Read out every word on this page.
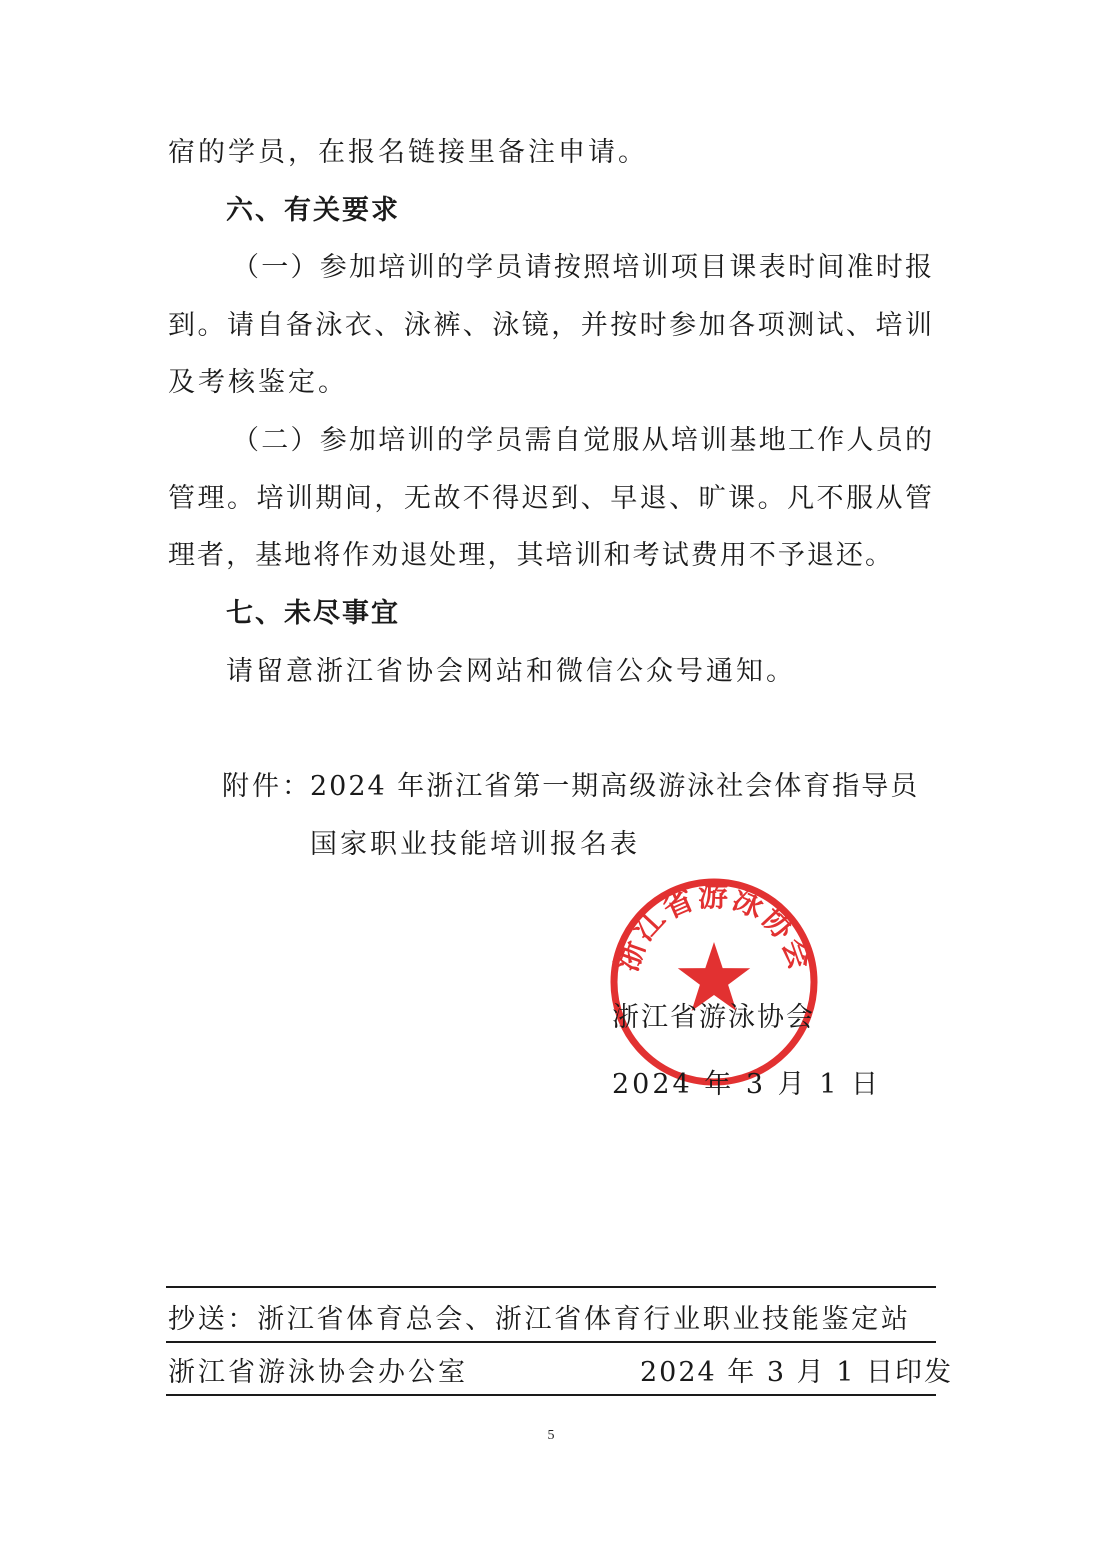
宿的学员，在报名链接里备注申请。
六、有关要求
（一）参加培训的学员请按照培训项目课表时间准时报
到。请自备泳衣、泳裤、泳镜，并按时参加各项测试、培训
及考核鉴定。
（二）参加培训的学员需自觉服从培训基地工作人员的
管理。培训期间，无故不得迟到、早退、旷课。凡不服从管
理者，基地将作劝退处理，其培训和考试费用不予退还。
七、未尽事宜
请留意浙江省协会网站和微信公众号通知。
附件：
2024 年浙江省第一期高级游泳社会体育指导员
国家职业技能培训报名表
浙江省游泳协会
浙江省游泳协会
2024 年 3 月 1 日
抄送：浙江省体育总会、浙江省体育行业职业技能鉴定站
浙江省游泳协会办公室	2024 年 3 月 1 日印发
5
